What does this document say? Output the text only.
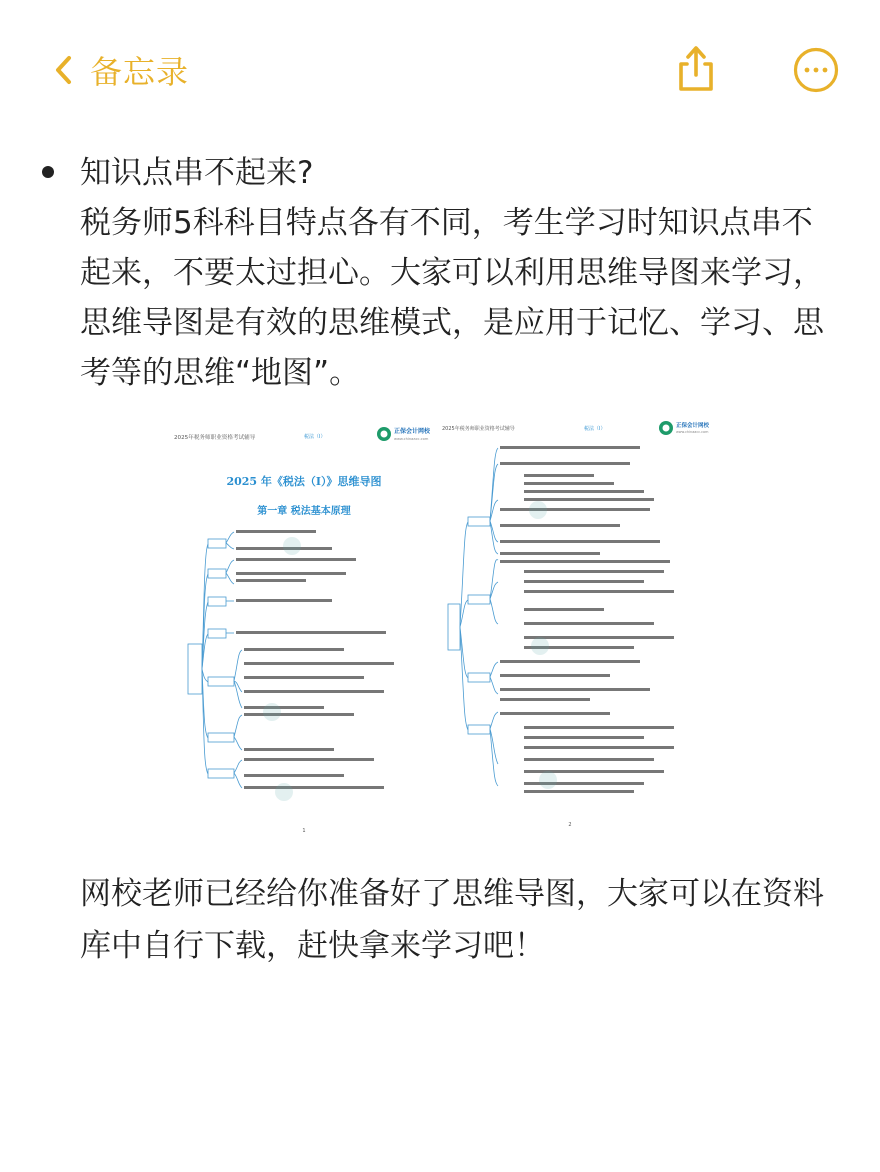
备忘录
知识点串不起来?
税务师5科科目特点各有不同，考生学习时知识点串不起来，不要太过担心。大家可以利用思维导图来学习，思维导图是有效的思维模式，是应用于记忆、学习、思考等的思维“地图”。
2025年税务师职业资格考试辅导	税法（Ⅰ）
正保会计网校
www.chinaacc.com
2025 年《税法（Ⅰ）》思维导图
第一章 税法基本原理
1
2025年税务师职业资格考试辅导	税法（Ⅰ）	正保会计网校
www.chinaacc.com
2
网校老师已经给你准备好了思维导图，大家可以在资料库中自行下载，赶快拿来学习吧！
